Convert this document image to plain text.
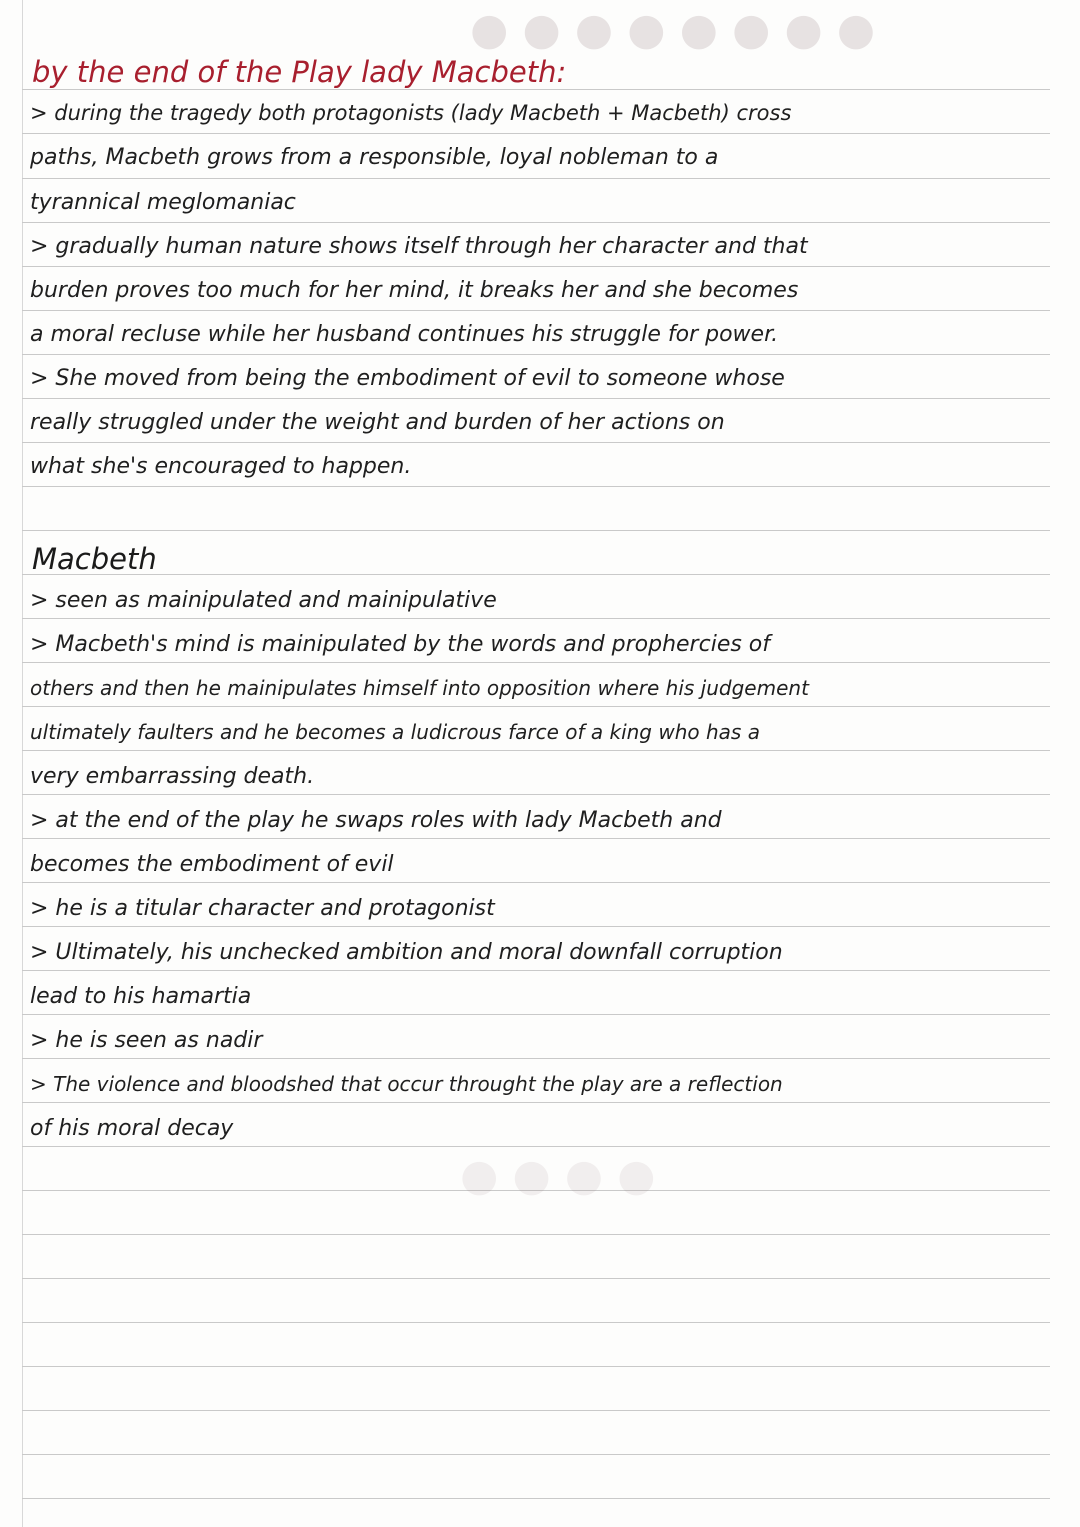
●●●●●●●●
●●●●
by the end of the Play lady Macbeth:
> during the tragedy both protagonists (lady Macbeth + Macbeth) cross
paths, Macbeth grows from a responsible, loyal nobleman to a
tyrannical meglomaniac
> gradually human nature shows itself through her character and that
burden proves too much for her mind, it breaks her and she becomes
a moral recluse while her husband continues his struggle for power.
> She moved from being the embodiment of evil to someone whose
really struggled under the weight and burden of her actions on
what she's encouraged to happen.
Macbeth
> seen as mainipulated and mainipulative
> Macbeth's mind is mainipulated by the words and prophercies of
others and then he mainipulates himself into opposition where his judgement
ultimately faulters and he becomes a ludicrous farce of a king who has a
very embarrassing death.
> at the end of the play he swaps roles with lady Macbeth and
becomes the embodiment of evil
> he is a titular character and protagonist
> Ultimately, his unchecked ambition and moral downfall corruption
lead to his hamartia
> he is seen as nadir
> The violence and bloodshed that occur throught the play are a reflection
of his moral decay
